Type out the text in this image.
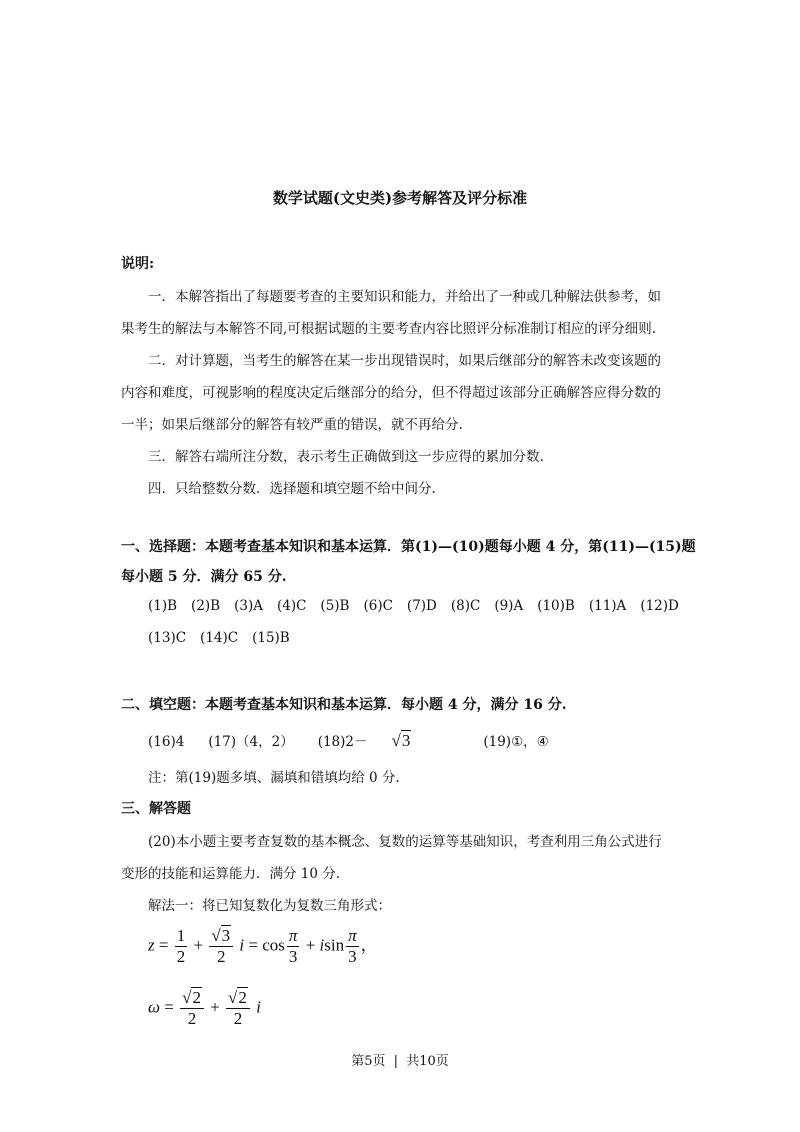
数学试题(文史类)参考解答及评分标准
说明:
一．本解答指出了每题要考查的主要知识和能力，并给出了一种或几种解法供参考，如
果考生的解法与本解答不同,可根据试题的主要考查内容比照评分标准制订相应的评分细则.
二．对计算题，当考生的解答在某一步出现错误时，如果后继部分的解答未改变该题的
内容和难度，可视影响的程度决定后继部分的给分，但不得超过该部分正确解答应得分数的
一半；如果后继部分的解答有较严重的错误，就不再给分.
三．解答右端所注分数，表示考生正确做到这一步应得的累加分数.
四．只给整数分数．选择题和填空题不给中间分.
一、选择题：本题考查基本知识和基本运算．第(1)—(10)题每小题 4 分，第(11)—(15)题
每小题 5 分．满分 65 分.
(1)B (2)B (3)A (4)C (5)B (6)C (7)D (8)C (9)A (10)B (11)A (12)D
(13)C (14)C (15)B
二、填空题：本题考查基本知识和基本运算．每小题 4 分，满分 16 分.
(16)4 (17)（4，2） (18)2－ √3	(19)①，④
注：第(19)题多填、漏填和错填均给 0 分.
三、解答题
(20)本小题主要考查复数的基本概念、复数的运算等基础知识，考查利用三角公式进行
变形的技能和运算能力．满分 10 分.
解法一：将已知复数化为复数三角形式：
$z = \frac{1}{2} + \frac{√3}{2}$ $i = \cos \frac{\pi}{3} + isin \frac{\pi}{3}$ ，
$\omega = \frac{√2}{2} + \frac{√2}{2}$ i
第5页 | 共10页
